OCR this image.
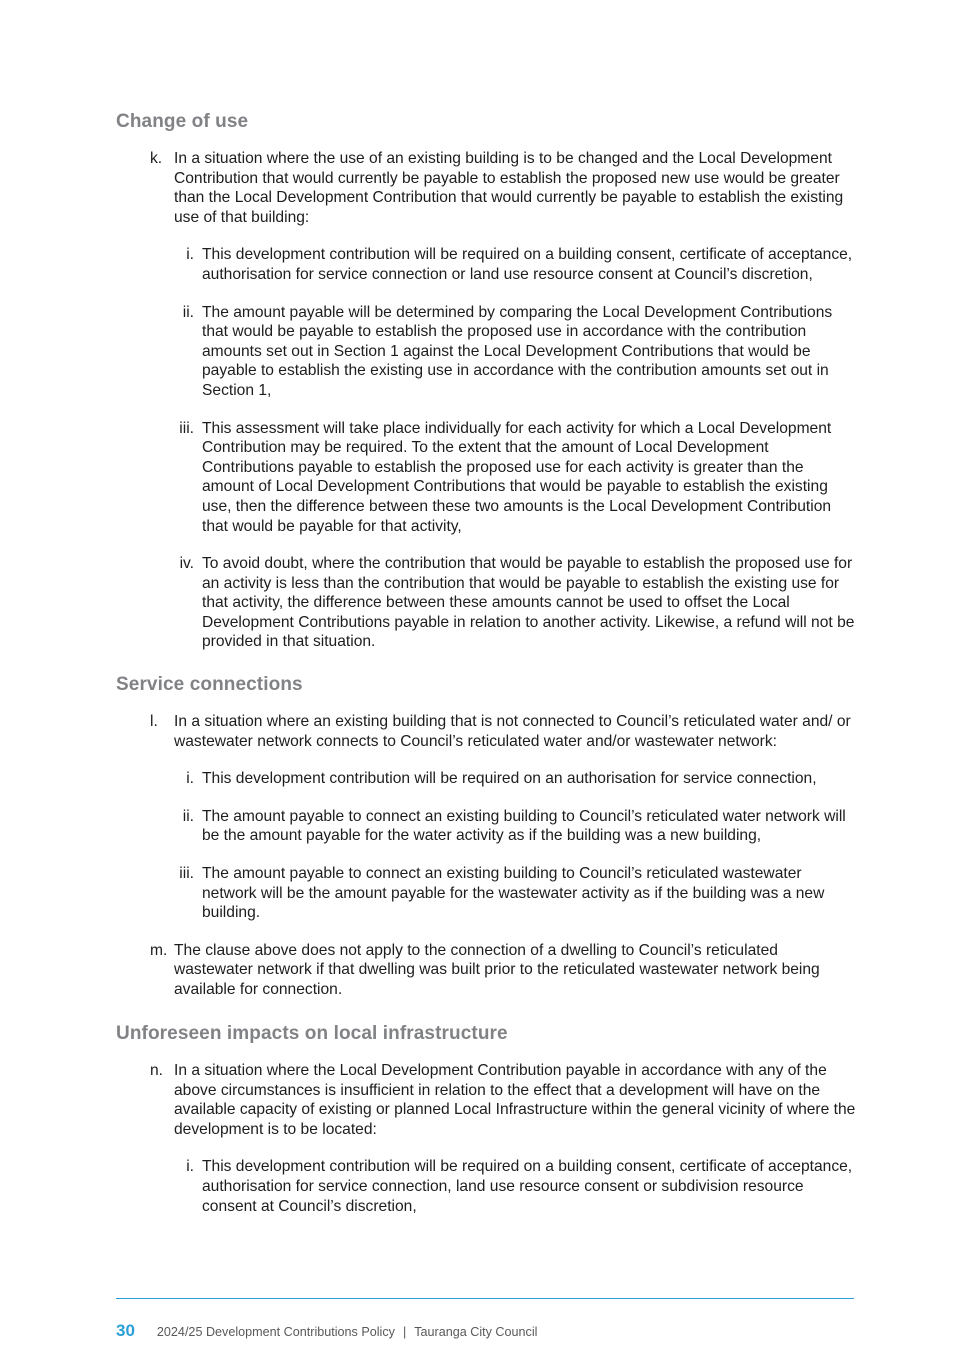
Change of use
k. In a situation where the use of an existing building is to be changed and the Local Development Contribution that would currently be payable to establish the proposed new use would be greater than the Local Development Contribution that would currently be payable to establish the existing use of that building:
i. This development contribution will be required on a building consent, certificate of acceptance, authorisation for service connection or land use resource consent at Council’s discretion,
ii. The amount payable will be determined by comparing the Local Development Contributions that would be payable to establish the proposed use in accordance with the contribution amounts set out in Section 1 against the Local Development Contributions that would be payable to establish the existing use in accordance with the contribution amounts set out in Section 1,
iii. This assessment will take place individually for each activity for which a Local Development Contribution may be required. To the extent that the amount of Local Development Contributions payable to establish the proposed use for each activity is greater than the amount of Local Development Contributions that would be payable to establish the existing use, then the difference between these two amounts is the Local Development Contribution that would be payable for that activity,
iv. To avoid doubt, where the contribution that would be payable to establish the proposed use for an activity is less than the contribution that would be payable to establish the existing use for that activity, the difference between these amounts cannot be used to offset the Local Development Contributions payable in relation to another activity. Likewise, a refund will not be provided in that situation.
Service connections
l. In a situation where an existing building that is not connected to Council’s reticulated water and/ or wastewater network connects to Council’s reticulated water and/or wastewater network:
i. This development contribution will be required on an authorisation for service connection,
ii. The amount payable to connect an existing building to Council’s reticulated water network will be the amount payable for the water activity as if the building was a new building,
iii. The amount payable to connect an existing building to Council’s reticulated wastewater network will be the amount payable for the wastewater activity as if the building was a new building.
m. The clause above does not apply to the connection of a dwelling to Council’s reticulated wastewater network if that dwelling was built prior to the reticulated wastewater network being available for connection.
Unforeseen impacts on local infrastructure
n. In a situation where the Local Development Contribution payable in accordance with any of the above circumstances is insufficient in relation to the effect that a development will have on the available capacity of existing or planned Local Infrastructure within the general vicinity of where the development is to be located:
i. This development contribution will be required on a building consent, certificate of acceptance, authorisation for service connection, land use resource consent or subdivision resource consent at Council’s discretion,
30 2024/25 Development Contributions Policy | Tauranga City Council
